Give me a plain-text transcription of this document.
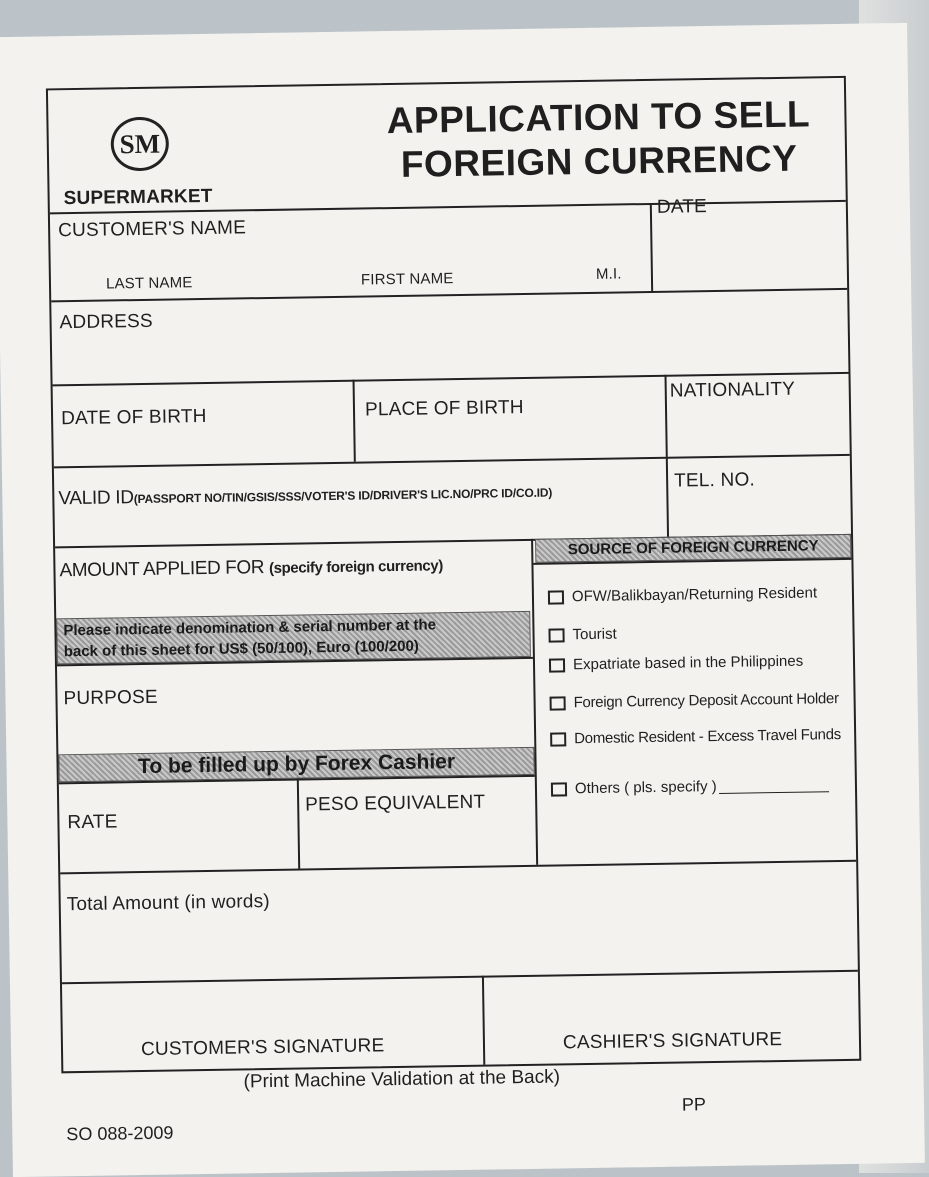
SM
SUPERMARKET
APPLICATION TO SELL
FOREIGN CURRENCY
CUSTOMER'S NAME
LAST NAME	FIRST NAME	M.I.
DATE
ADDRESS
DATE OF BIRTH	PLACE OF BIRTH
NATIONALITY
VALID ID(PASSPORT NO/TIN/GSIS/SSS/VOTER'S ID/DRIVER'S LIC.NO/PRC ID/CO.ID)
TEL. NO.
AMOUNT APPLIED FOR (specify foreign currency)
SOURCE OF FOREIGN CURRENCY
Please indicate denomination & serial number at the
back of this sheet for US$ (50/100), Euro (100/200)
PURPOSE
To be filled up by Forex Cashier
RATE
PESO EQUIVALENT
OFW/Balikbayan/Returning Resident
Tourist
Expatriate based in the Philippines
Foreign Currency Deposit Account Holder
Domestic Resident - Excess Travel Funds
Others ( pls. specify )
Total Amount (in words)
CUSTOMER'S SIGNATURE	CASHIER'S SIGNATURE
(Print Machine Validation at the Back)
SO 088-2009
PP
